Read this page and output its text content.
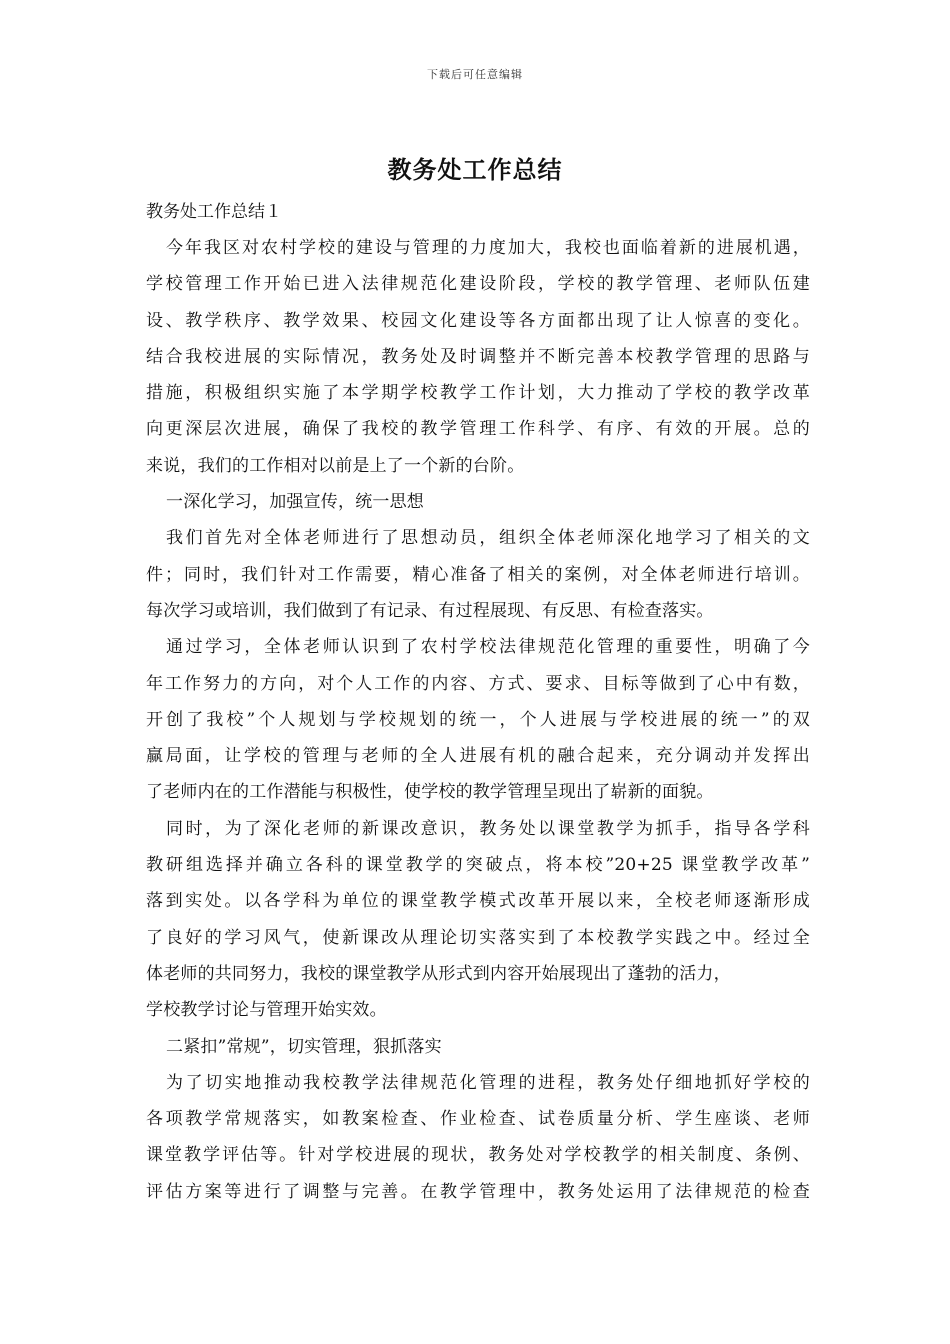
下载后可任意编辑
教务处工作总结

教务处工作总结１

今年我区对农村学校的建设与管理的力度加大，我校也面临着新的进展机遇，

学校管理工作开始已进入法律规范化建设阶段，学校的教学管理、老师队伍建

设、教学秩序、教学效果、校园文化建设等各方面都出现了让人惊喜的变化。

结合我校进展的实际情况，教务处及时调整并不断完善本校教学管理的思路与

措施，积极组织实施了本学期学校教学工作计划，大力推动了学校的教学改革

向更深层次进展，确保了我校的教学管理工作科学、有序、有效的开展。总的

来说，我们的工作相对以前是上了一个新的台阶。

一深化学习，加强宣传，统一思想

我们首先对全体老师进行了思想动员，组织全体老师深化地学习了相关的文

件；同时，我们针对工作需要，精心准备了相关的案例，对全体老师进行培训。

每次学习或培训，我们做到了有记录、有过程展现、有反思、有检查落实。

通过学习，全体老师认识到了农村学校法律规范化管理的重要性，明确了今

年工作努力的方向，对个人工作的内容、方式、要求、目标等做到了心中有数，

开创了我校”个人规划与学校规划的统一，个人进展与学校进展的统一”的双

赢局面，让学校的管理与老师的全人进展有机的融合起来，充分调动并发挥出

了老师内在的工作潜能与积极性，使学校的教学管理呈现出了崭新的面貌。

同时，为了深化老师的新课改意识，教务处以课堂教学为抓手，指导各学科

教研组选择并确立各科的课堂教学的突破点，将本校”20+25 课堂教学改革”

落到实处。以各学科为单位的课堂教学模式改革开展以来，全校老师逐渐形成

了良好的学习风气，使新课改从理论切实落实到了本校教学实践之中。经过全

体老师的共同努力，我校的课堂教学从形式到内容开始展现出了蓬勃的活力，

学校教学讨论与管理开始实效。

二紧扣”常规”，切实管理，狠抓落实

为了切实地推动我校教学法律规范化管理的进程，教务处仔细地抓好学校的

各项教学常规落实，如教案检查、作业检查、试卷质量分析、学生座谈、老师

课堂教学评估等。针对学校进展的现状，教务处对学校教学的相关制度、条例、

评估方案等进行了调整与完善。在教学管理中，教务处运用了法律规范的检查
